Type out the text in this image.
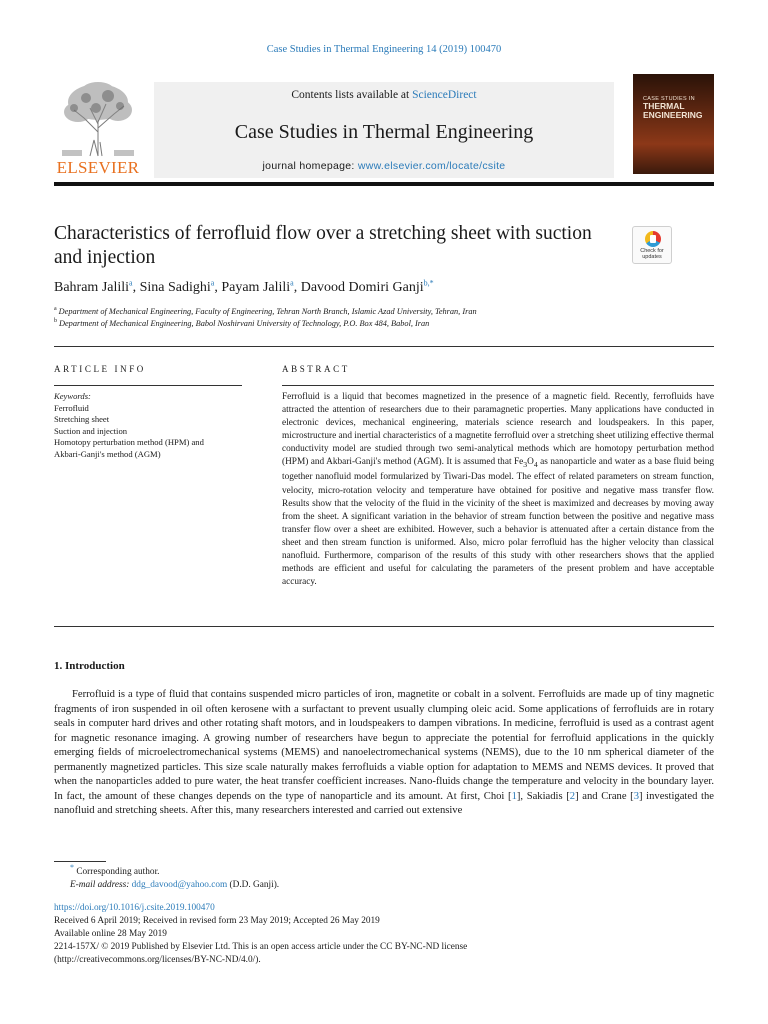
Case Studies in Thermal Engineering 14 (2019) 100470
ELSEVIER
Contents lists available at ScienceDirect
Case Studies in Thermal Engineering
journal homepage: www.elsevier.com/locate/csite
CASE STUDIES IN
THERMAL
ENGINEERING
Characteristics of ferrofluid flow over a stretching sheet with suction and injection	Check for
updates
Bahram Jalili$^a$, Sina Sadighi$^a$, Payam Jalili$^a$, Davood Domiri Ganji$^{b,*}$
$^a$ Department of Mechanical Engineering, Faculty of Engineering, Tehran North Branch, Islamic Azad University, Tehran, Iran
$^b$ Department of Mechanical Engineering, Babol Noshirvani University of Technology, P.O. Box 484, Babol, Iran
ARTICLE INFO	ABSTRACT
Keywords:
Ferrofluid
Stretching sheet
Suction and injection
Homotopy perturbation method (HPM) and
Akbari-Ganji's method (AGM)

Ferrofluid is a liquid that becomes magnetized in the presence of a magnetic field. Recently, ferrofluids have attracted the attention of researchers due to their paramagnetic properties. Many applications have conducted in electronic devices, mechanical engineering, materials science research and loudspeakers. In this paper, microstructure and inertial characteristics of a magnetite ferrofluid over a stretching sheet utilizing effective thermal conductivity model are studied through two semi-analytical methods which are homotopy perturbation method (HPM) and Akbari-Ganji's method (AGM). It is assumed that $Fe_3O_4$ as nanoparticle and water as a base fluid being together nanofluid model formularized by Tiwari-Das model. The effect of related parameters on stream function, velocity, micro-rotation velocity and temperature have obtained for positive and negative mass transfer flow. Results show that the velocity of the fluid in the vicinity of the sheet is maximized and decreases by moving away from the sheet. A significant variation in the behavior of stream function between the positive and negative mass transfer flow over a sheet are exhibited. However, such a behavior is attenuated after a certain distance from the sheet and then stream function is uniformed. Also, micro polar ferrofluid has the higher velocity than classical nanofluid. Furthermore, comparison of the results of this study with other researchers shows that the applied methods are efficient and useful for calculating the parameters of the present problem and have acceptable accuracy.

1. Introduction

Ferrofluid is a type of fluid that contains suspended micro particles of iron, magnetite or cobalt in a solvent. Ferrofluids are made up of tiny magnetic fragments of iron suspended in oil often kerosene with a surfactant to prevent usually clumping oleic acid. Some applications of ferrofluids are in rotary seals in computer hard drives and other rotating shaft motors, and in loudspeakers to dampen vibrations. In medicine, ferrofluid is used as a contrast agent for magnetic resonance imaging. A growing number of researchers have begun to appreciate the potential for ferrofluid applications in the quickly emerging fields of microelectromechanical systems (MEMS) and nanoelectromechanical systems (NEMS), due to the 10 nm spherical diameter of the permanently magnetized particles. This size scale naturally makes ferrofluids a viable option for adaptation to MEMS and NEMS devices. It proved that when the nanoparticles added to pure water, the heat transfer coefficient increases. Nano-fluids change the temperature and velocity in the boundary layer. In fact, the amount of these changes depends on the type of nanoparticle and its amount. At first, Choi [1], Sakiadis [2] and Crane [3] investigated the nanofluid and stretching sheets. After this, many researchers interested and carried out extensive

* Corresponding author.
E-mail address: ddg_davood@yahoo.com (D.D. Ganji).
https://doi.org/10.1016/j.csite.2019.100470
Received 6 April 2019; Received in revised form 23 May 2019; Accepted 26 May 2019
Available online 28 May 2019
2214-157X/ © 2019 Published by Elsevier Ltd. This is an open access article under the CC BY-NC-ND license
(http://creativecommons.org/licenses/BY-NC-ND/4.0/).
